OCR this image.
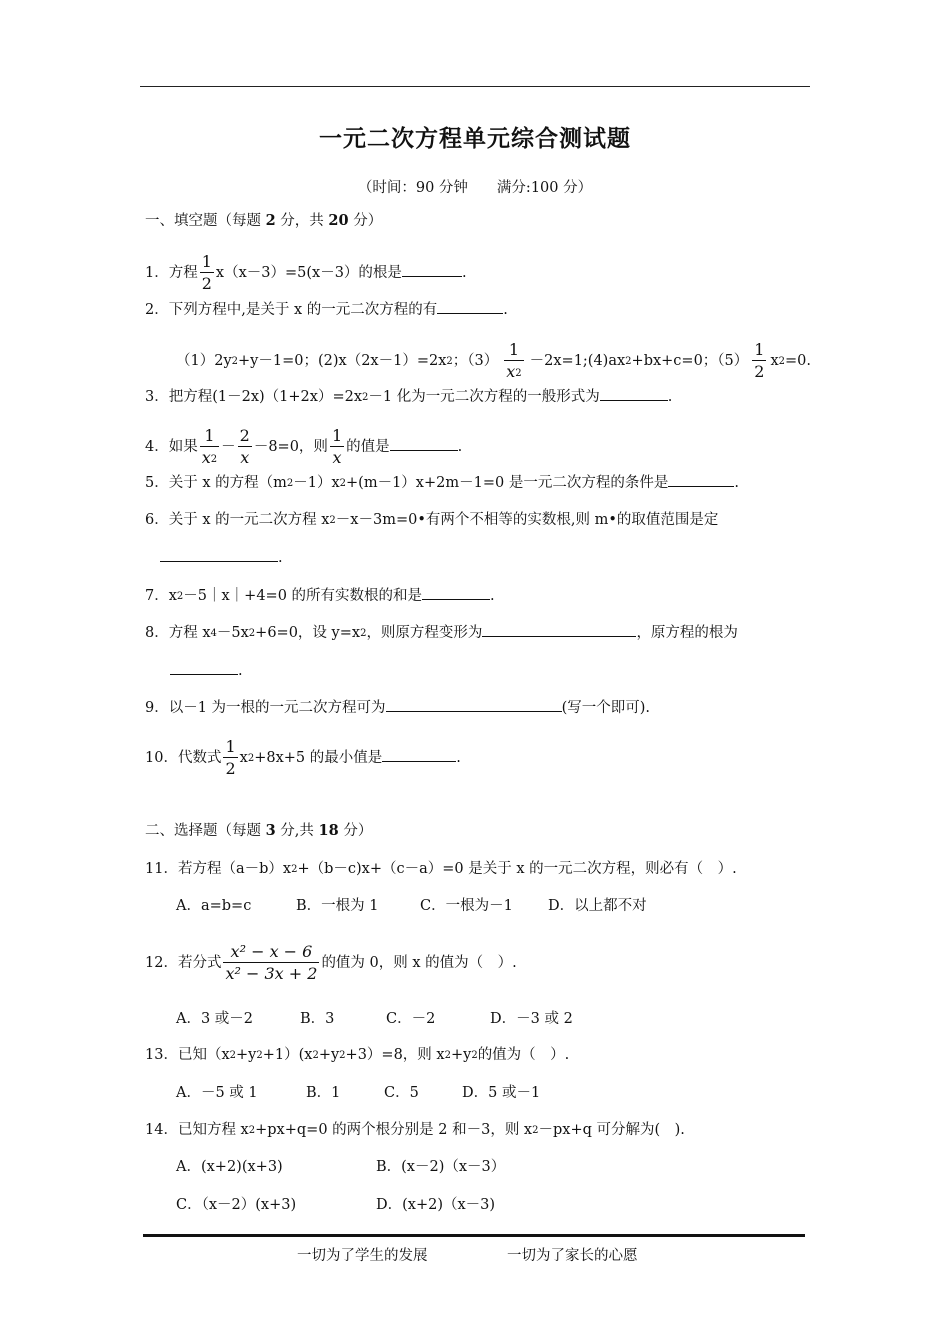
一元二次方程单元综合测试题
（时间：90 分钟　　满分:100 分）
一、填空题（每题 2 分，共 20 分）
1．方程 $\frac{1}{2} x(x-3)=5(x-3)$的根是	.
2．下列方程中,是关于 x 的一元二次方程的有	.
（1）2y2+y－1=0；(2)x（2x－1）=2x2；$(3) \frac{1}{x2}$ －2x=1;(4)ax2+bx+c=0；$(5) \frac{1}{2} x2=0$.
3．把方程(1－2x)（1+2x）=2x2－1 化为一元二次方程的一般形式为	.
4．如果 $\frac{1}{x2} - \frac{2}{x} -8=0$，则 $\frac{1}{x}$ 的值是	.
5．关于 x 的方程（m2－1）x2+(m－1）x+2m－1=0 是一元二次方程的条件是	.
6．关于 x 的一元二次方程 x2－x－3m=0•有两个不相等的实数根,则 m•的取值范围是定
.
7．x2－5｜x｜+4=0 的所有实数根的和是	.
8．方程 x4－5x2+6=0，设 y=x2，则原方程变形为	，原方程的根为
.
9．以－1 为一根的一元二次方程可为	(写一个即可).
10．代数式 $\frac{1}{2} x2+8x+5$ 的最小值是	.
二、选择题（每题 3 分,共 18 分）
11．若方程（a－b）x2+（b－c)x+（c－a）=0 是关于 x 的一元二次方程，则必有（　）.
A．a=b=c	B．一根为 1	C．一根为－1 D．以上都不对
12．若分式 $\frac{\text{x² − x − 6}}{\text{x² − 3x + 2}}$ 的值为 0，则 x 的值为（　）.
A．3 或－2	B．3	C．－2	D．－3 或 2
13．已知（x2+y2+1）(x2+y2+3）=8，则 x2+y2的值为（　）.
A．－5 或 1	B．1	C．5	D．5 或－1
14．已知方程 x2+px+q=0 的两个根分别是 2 和－3，则 x2－px+q 可分解为(　).
A．(x+2)(x+3)	B．(x－2)（x－3）
C．（x－2）(x+3)	D．(x+2)（x－3)
一切为了学生的发展	一切为了家长的心愿
